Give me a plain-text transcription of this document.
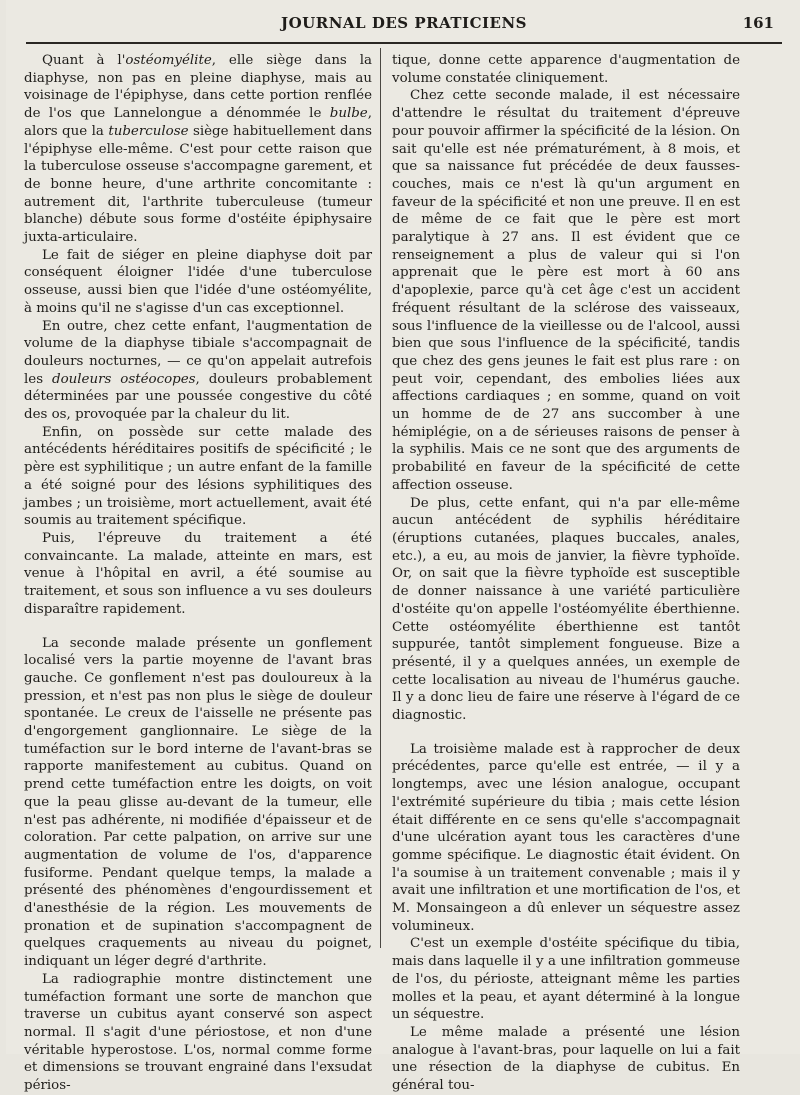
JOURNAL DES PRATICIENS	161

Quant à l'ostéomyélite, elle siège dans la diaphyse, non pas en pleine diaphyse, mais au voisinage de l'épiphyse, dans cette portion renflée de l'os que Lannelongue a dénommée le bulbe, alors que la tuberculose siège habituellement dans l'épiphyse elle-même. C'est pour cette raison que la tuberculose osseuse s'accompagne garement, et de bonne heure, d'une arthrite concomitante : autrement dit, l'arthrite tuberculeuse (tumeur blanche) débute sous forme d'ostéite épiphysaire juxta-articulaire.

Le fait de siéger en pleine diaphyse doit par conséquent éloigner l'idée d'une tuberculose osseuse, aussi bien que l'idée d'une ostéomyélite, à moins qu'il ne s'agisse d'un cas exceptionnel.

En outre, chez cette enfant, l'augmentation de volume de la diaphyse tibiale s'accompagnait de douleurs nocturnes, — ce qu'on appelait autrefois les douleurs ostéocopes, douleurs probablement déterminées par une poussée congestive du côté des os, provoquée par la chaleur du lit.

Enfin, on possède sur cette malade des antécédents héréditaires positifs de spécificité ; le père est syphilitique ; un autre enfant de la famille a été soigné pour des lésions syphilitiques des jambes ; un troisième, mort actuellement, avait été soumis au traitement spécifique.

Puis, l'épreuve du traitement a été convaincante. La malade, atteinte en mars, est venue à l'hôpital en avril, a été soumise au traitement, et sous son influence a vu ses douleurs disparaître rapidement.

La seconde malade présente un gonflement localisé vers la partie moyenne de l'avant bras gauche. Ce gonflement n'est pas douloureux à la pression, et n'est pas non plus le siège de douleur spontanée. Le creux de l'aisselle ne présente pas d'engorgement ganglionnaire. Le siège de la tuméfaction sur le bord interne de l'avant-bras se rapporte manifestement au cubitus. Quand on prend cette tuméfaction entre les doigts, on voit que la peau glisse au-devant de la tumeur, elle n'est pas adhérente, ni modifiée d'épaisseur et de coloration. Par cette palpation, on arrive sur une augmentation de volume de l'os, d'apparence fusiforme. Pendant quelque temps, la malade a présenté des phénomènes d'engourdissement et d'anesthésie de la région. Les mouvements de pronation et de supination s'accompagnent de quelques craquements au niveau du poignet, indiquant un léger degré d'arthrite.

La radiographie montre distinctement une tuméfaction formant une sorte de manchon que traverse un cubitus ayant conservé son aspect normal. Il s'agit d'une périostose, et non d'une véritable hyperostose. L'os, normal comme forme et dimensions se trouvant engrainé dans l'exsudat périos-

tique, donne cette apparence d'augmentation de volume constatée cliniquement.

Chez cette seconde malade, il est nécessaire d'attendre le résultat du traitement d'épreuve pour pouvoir affirmer la spécificité de la lésion. On sait qu'elle est née prématurément, à 8 mois, et que sa naissance fut précédée de deux fausses-couches, mais ce n'est là qu'un argument en faveur de la spécificité et non une preuve. Il en est de même de ce fait que le père est mort paralytique à 27 ans. Il est évident que ce renseignement a plus de valeur qui si l'on apprenait que le père est mort à 60 ans d'apoplexie, parce qu'à cet âge c'est un accident fréquent résultant de la sclérose des vaisseaux, sous l'influence de la vieillesse ou de l'alcool, aussi bien que sous l'influence de la spécificité, tandis que chez des gens jeunes le fait est plus rare : on peut voir, cependant, des embolies liées aux affections cardiaques ; en somme, quand on voit un homme de de 27 ans succomber à une hémiplégie, on a de sérieuses raisons de penser à la syphilis. Mais ce ne sont que des arguments de probabilité en faveur de la spécificité de cette affection osseuse.

De plus, cette enfant, qui n'a par elle-même aucun antécédent de syphilis héréditaire (éruptions cutanées, plaques buccales, anales, etc.), a eu, au mois de janvier, la fièvre typhoïde. Or, on sait que la fièvre typhoïde est susceptible de donner naissance à une variété particulière d'ostéite qu'on appelle l'ostéomyélite éberthienne. Cette ostéomyélite éberthienne est tantôt suppurée, tantôt simplement fongueuse. Bize a présenté, il y a quelques années, un exemple de cette localisation au niveau de l'humérus gauche. Il y a donc lieu de faire une réserve à l'égard de ce diagnostic.

La troisième malade est à rapprocher de deux précédentes, parce qu'elle est entrée, — il y a longtemps, avec une lésion analogue, occupant l'extrémité supérieure du tibia ; mais cette lésion était différente en ce sens qu'elle s'accompagnait d'une ulcération ayant tous les caractères d'une gomme spécifique. Le diagnostic était évident. On l'a soumise à un traitement convenable ; mais il y avait une infiltration et une mortification de l'os, et M. Monsaingeon a dû enlever un séquestre assez volumineux.

C'est un exemple d'ostéite spécifique du tibia, mais dans laquelle il y a une infiltration gommeuse de l'os, du périoste, atteignant même les parties molles et la peau, et ayant déterminé à la longue un séquestre.

Le même malade a présenté une lésion analogue à l'avant-bras, pour laquelle on lui a fait une résection de la diaphyse de cubitus. En général tou-
